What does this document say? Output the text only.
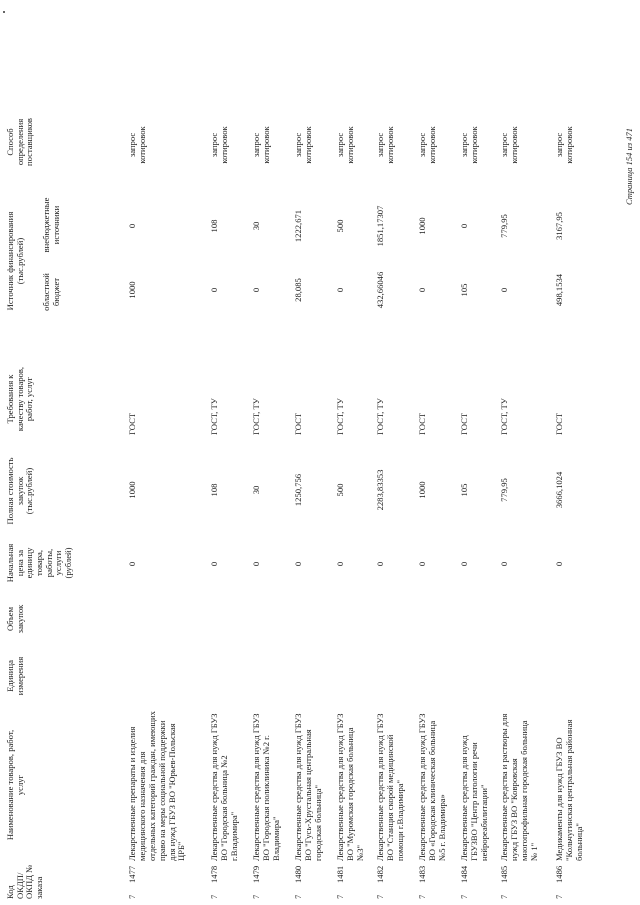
Код ОКДП/ ОКПД № заказа
Наименование товаров, работ, услуг
Единица измерения
Объем закупок
Начальная цена за единицу товара, работы, услуги (рублей)
Полная стоимость закупок (тыс.рублей)
Требования к качеству товаров, работ, услуг
Источник финансирования (тыс.рублей)
областной бюджет
внебюджетные источники
Способ определения поставщиков
7
1477
Лекарственные препараты и изделия медицинского назначения для отдельных категорий граждан, имеющих право на меры социальной поддержки для нужд ГБУЗ ВО "Юрьев-Польская ЦРБ"
0
1000
ГОСТ
1000
0
запрос котировок
7
1478
Лекарственные средства для нужд ГБУЗ ВО "Городская больница №2 г.Владимира"
0
108
ГОСТ, ТУ
0
108
запрос котировок
7
1479
Лекарственные средства для нужд ГБУЗ ВО "Городская поликлиника №2 г. Владимира"
0
30
ГОСТ, ТУ
0
30
запрос котировок
7
1480
Лекарственные средства для нужд ГБУЗ ВО "Гусь-Хрустальная центральная городская больница"
0
1250,756
ГОСТ
28,085
1222,671
запрос котировок
7
1481
Лекарственные средства для нужд ГБУЗ ВО "Муромская городская больница №3"
0
500
ГОСТ, ТУ
0
500
запрос котировок
7
1482
Лекарственные средства для нужд ГБУЗ ВО "Станция скорой медицинской помощи г.Владимира"
0
2283,83353
ГОСТ, ТУ
432,66046
1851,17307
запрос котировок
7
1483
Лекарственные средства для нужд ГБУЗ ВО «Городская клиническая больница №5 г. Владимира»
0
1000
ГОСТ
0
1000
запрос котировок
7
1484
Лекарственные средства для нужд ГБУЗВО "Центр патологии речи нейрореабилитации"
0
105
ГОСТ
105
0
запрос котировок
7
1485
Лекарственные средства и растворы для нужд ГБУЗ ВО "Ковровская многопрофильная городская больница № 1"
0
779,95
ГОСТ, ТУ
0
779,95
запрос котировок
7
1486
Медикаменты для нужд ГБУЗ ВО "Кольчугинская центральная районная больница"
0
3666,1024
ГОСТ
498,1534
3167,95
запрос котировок	Страница 154 из 471
